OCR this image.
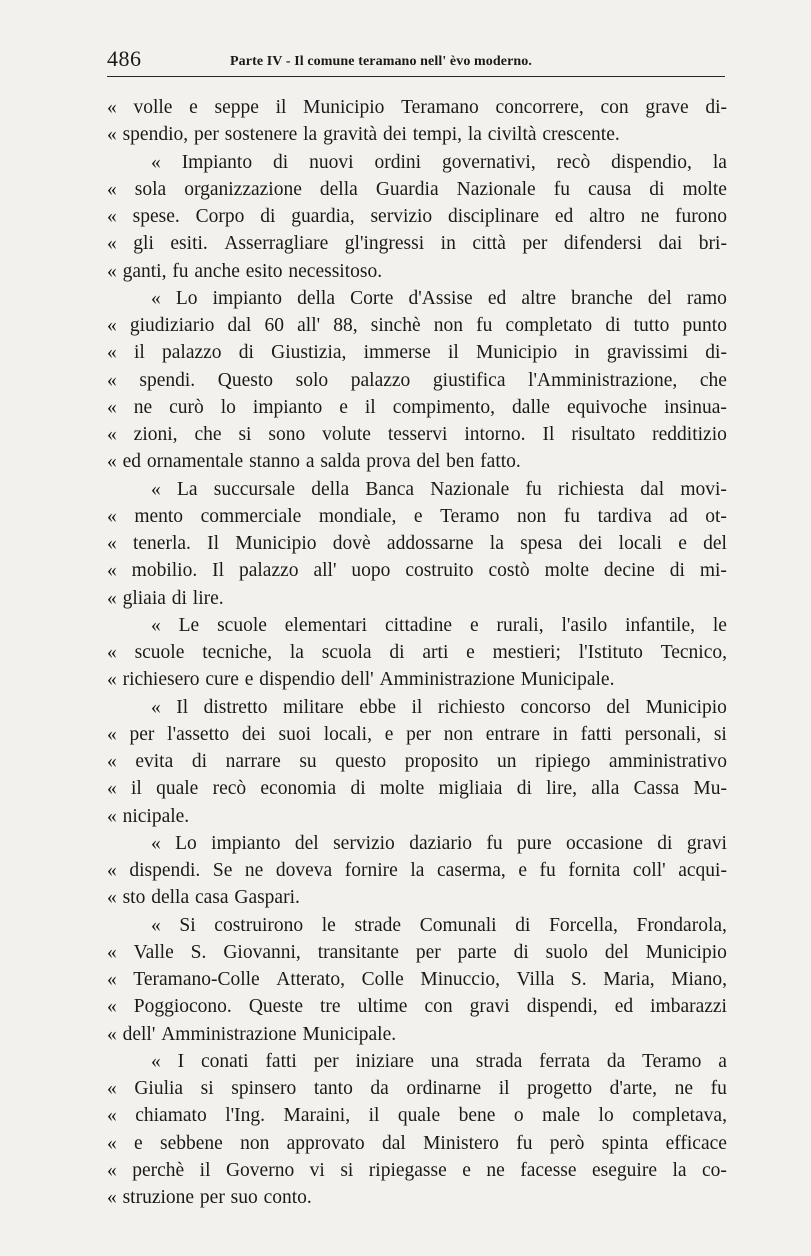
486	Parte IV - Il comune teramano nell' èvo moderno.
« volle e seppe il Municipio Teramano concorrere, con grave di-
« spendio, per sostenere la gravità dei tempi, la civiltà crescente.
« Impianto di nuovi ordini governativi, recò dispendio, la
« sola organizzazione della Guardia Nazionale fu causa di molte
« spese. Corpo di guardia, servizio disciplinare ed altro ne furono
« gli esiti. Asserragliare gl'ingressi in città per difendersi dai bri-
« ganti, fu anche esito necessitoso.
« Lo impianto della Corte d'Assise ed altre branche del ramo
« giudiziario dal 60 all' 88, sinchè non fu completato di tutto punto
« il palazzo di Giustizia, immerse il Municipio in gravissimi di-
« spendi. Questo solo palazzo giustifica l'Amministrazione, che
« ne curò lo impianto e il compimento, dalle equivoche insinua-
« zioni, che si sono volute tesservi intorno. Il risultato redditizio
« ed ornamentale stanno a salda prova del ben fatto.
« La succursale della Banca Nazionale fu richiesta dal movi-
« mento commerciale mondiale, e Teramo non fu tardiva ad ot-
« tenerla. Il Municipio dovè addossarne la spesa dei locali e del
« mobilio. Il palazzo all' uopo costruito costò molte decine di mi-
« gliaia di lire.
« Le scuole elementari cittadine e rurali, l'asilo infantile, le
« scuole tecniche, la scuola di arti e mestieri; l'Istituto Tecnico,
« richiesero cure e dispendio dell' Amministrazione Municipale.
« Il distretto militare ebbe il richiesto concorso del Municipio
« per l'assetto dei suoi locali, e per non entrare in fatti personali, si
« evita di narrare su questo proposito un ripiego amministrativo
« il quale recò economia di molte migliaia di lire, alla Cassa Mu-
« nicipale.
« Lo impianto del servizio daziario fu pure occasione di gravi
« dispendi. Se ne doveva fornire la caserma, e fu fornita coll' acqui-
« sto della casa Gaspari.
« Si costruirono le strade Comunali di Forcella, Frondarola,
« Valle S. Giovanni, transitante per parte di suolo del Municipio
« Teramano-Colle Atterato, Colle Minuccio, Villa S. Maria, Miano,
« Poggiocono. Queste tre ultime con gravi dispendi, ed imbarazzi
« dell' Amministrazione Municipale.
« I conati fatti per iniziare una strada ferrata da Teramo a
« Giulia si spinsero tanto da ordinarne il progetto d'arte, ne fu
« chiamato l'Ing. Maraini, il quale bene o male lo completava,
« e sebbene non approvato dal Ministero fu però spinta efficace
« perchè il Governo vi si ripiegasse e ne facesse eseguire la co-
« struzione per suo conto.
